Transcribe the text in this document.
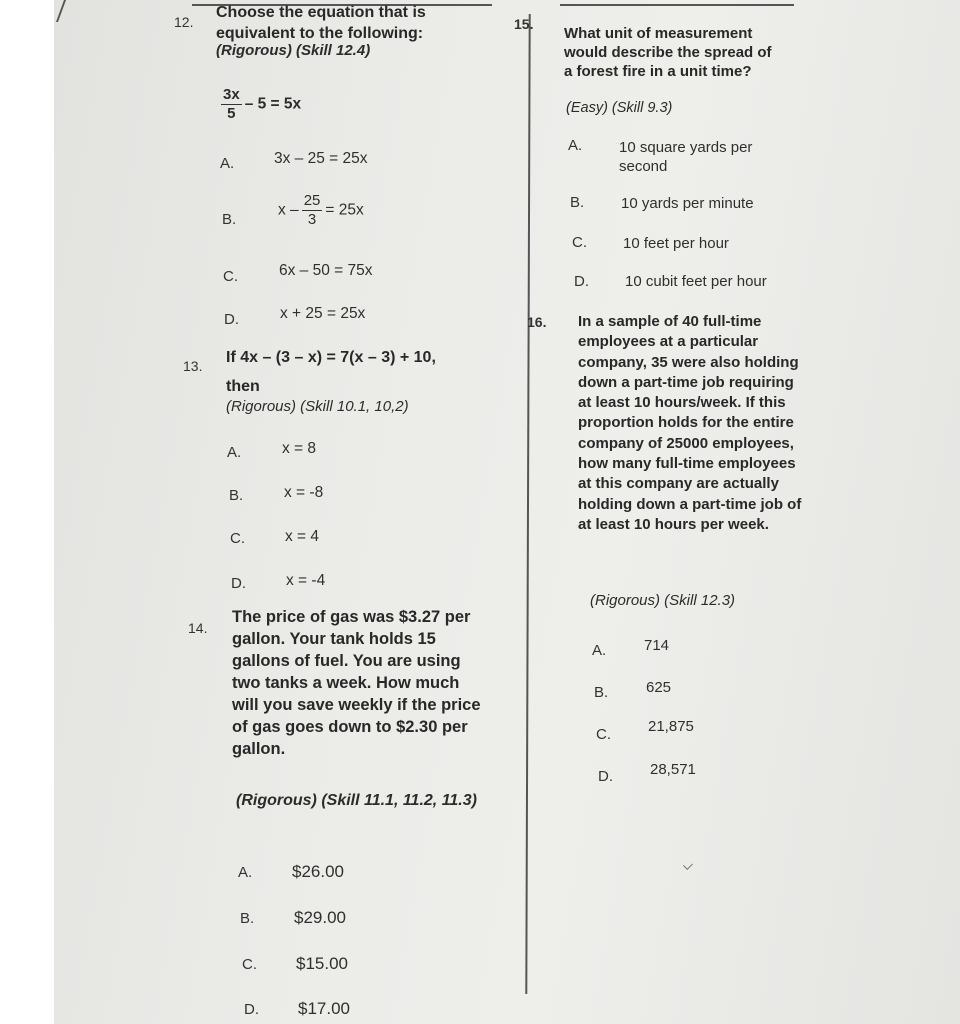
12.
Choose the equation that is equivalent to the following:
(Rigorous) (Skill 12.4)
$\frac{3x}{5} - 5 = 5x$
A.	3x – 25 = 25x
B.
$x - \frac{25}{3} = 25x$
C.	6x – 50 = 75x
D.	x + 25 = 25x
13. If 4x – (3 – x) = 7(x – 3) + 10,
then
(Rigorous) (Skill 10.1, 10,2)
A.	x = 8
B.	x = -8
C.	x = 4
D.	x = -4
14.
The price of gas was $3.27 per gallon. Your tank holds 15 gallons of fuel. You are using two tanks a week. How much will you save weekly if the price of gas goes down to $2.30 per gallon.
(Rigorous) (Skill 11.1, 11.2, 11.3)
A. $26.00
B. $29.00
C. $15.00
D. $17.00
15.
What unit of measurement would describe the spread of a forest fire in a unit time?
(Easy) (Skill 9.3)
A. 10 square yards per second
B. 10 yards per minute
C. 10 feet per hour
D. 10 cubit feet per hour
16. In a sample of 40 full-time employees at a particular company, 35 were also holding down a part-time job requiring at least 10 hours/week. If this proportion holds for the entire company of 25000 employees, how many full-time employees at this company are actually holding down a part-time job of at least 10 hours per week.
(Rigorous) (Skill 12.3)
A.	714
B.	625
C. 21,875
D. 28,571
